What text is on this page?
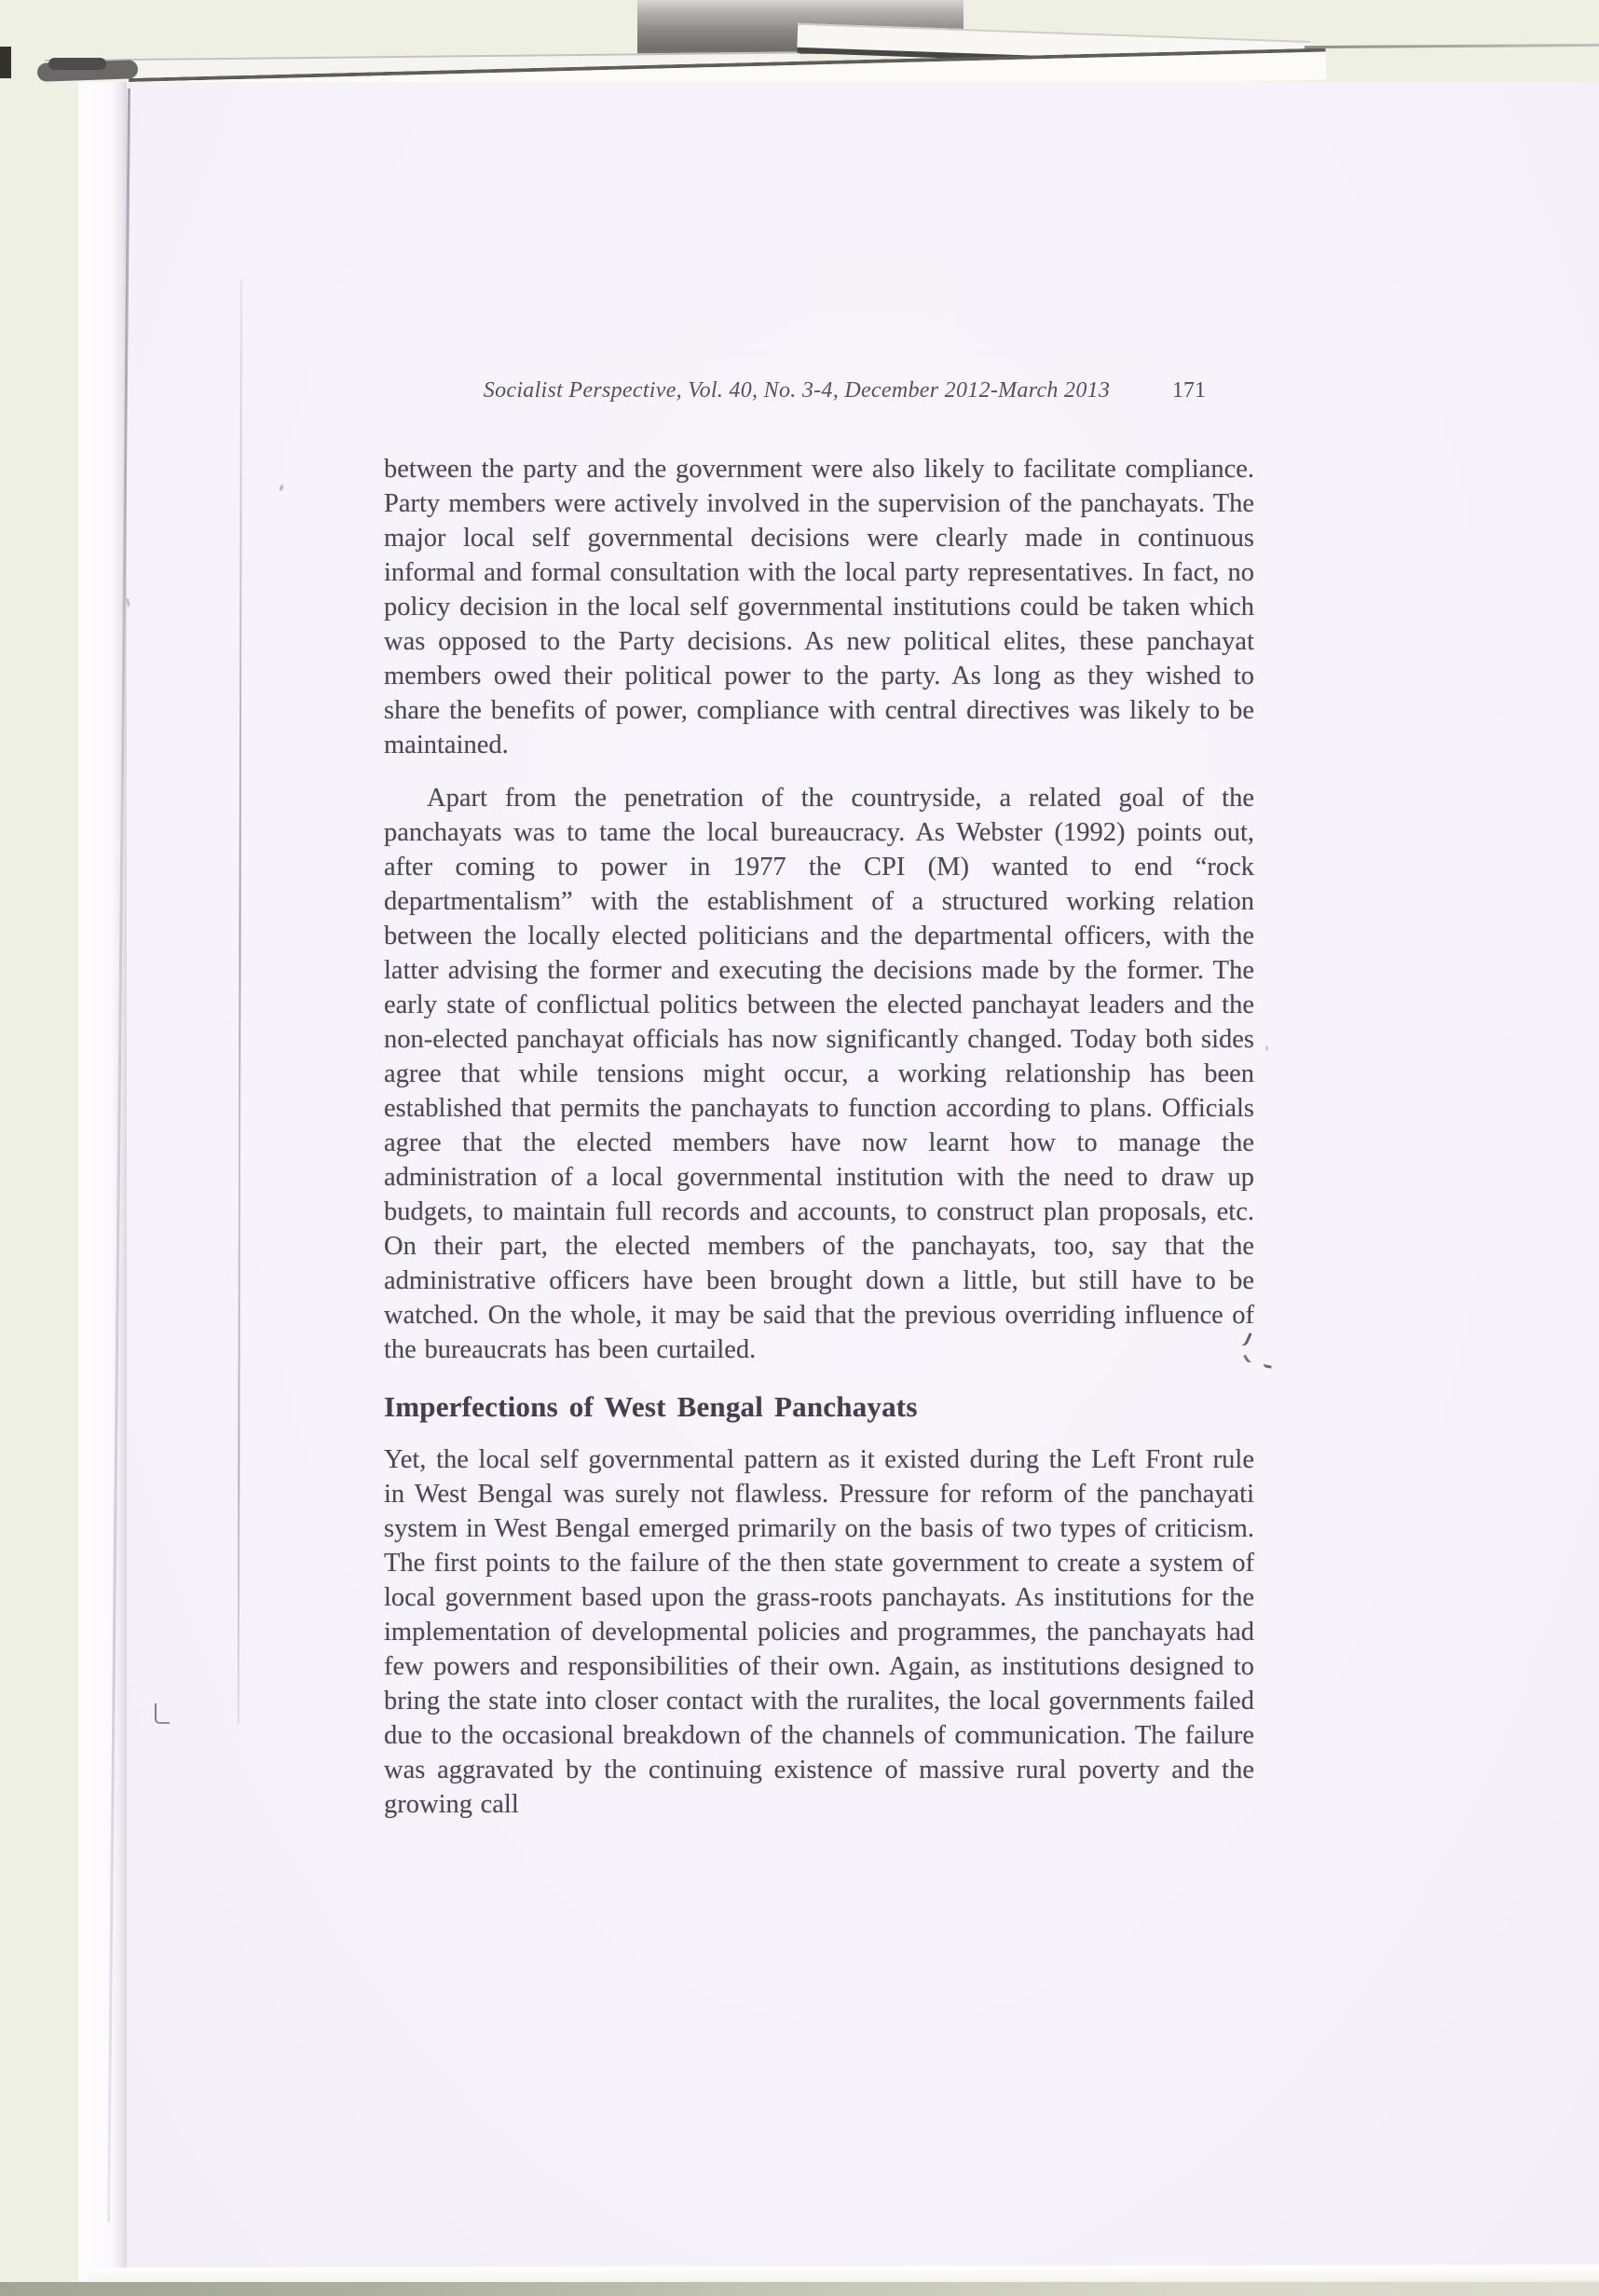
Socialist Perspective, Vol. 40, No. 3-4, December 2012-March 2013	171

between the party and the government were also likely to facilitate compliance. Party members were actively involved in the supervision of the panchayats. The major local self governmental decisions were clearly made in continuous informal and formal consultation with the local party representatives. In fact, no policy decision in the local self governmental institutions could be taken which was opposed to the Party decisions. As new political elites, these panchayat members owed their political power to the party. As long as they wished to share the benefits of power, compliance with central directives was likely to be maintained.

Apart from the penetration of the countryside, a related goal of the panchayats was to tame the local bureaucracy. As Webster (1992) points out, after coming to power in 1977 the CPI (M) wanted to end “rock departmentalism” with the establishment of a structured working relation between the locally elected politicians and the departmental officers, with the latter advising the former and executing the decisions made by the former. The early state of conflictual politics between the elected panchayat leaders and the non-elected panchayat officials has now significantly changed. Today both sides agree that while tensions might occur, a working relationship has been established that permits the panchayats to function according to plans. Officials agree that the elected members have now learnt how to manage the administration of a local governmental institution with the need to draw up budgets, to maintain full records and accounts, to construct plan proposals, etc. On their part, the elected members of the panchayats, too, say that the administrative officers have been brought down a little, but still have to be watched. On the whole, it may be said that the previous overriding influence of the bureaucrats has been curtailed.

Imperfections of West Bengal Panchayats

Yet, the local self governmental pattern as it existed during the Left Front rule in West Bengal was surely not flawless. Pressure for reform of the panchayati system in West Bengal emerged primarily on the basis of two types of criticism. The first points to the failure of the then state government to create a system of local government based upon the grass-roots panchayats. As institutions for the implementation of developmental policies and programmes, the panchayats had few powers and responsibilities of their own. Again, as institutions designed to bring the state into closer contact with the ruralites, the local governments failed due to the occasional breakdown of the channels of communication. The failure was aggravated by the continuing existence of massive rural poverty and the growing call
